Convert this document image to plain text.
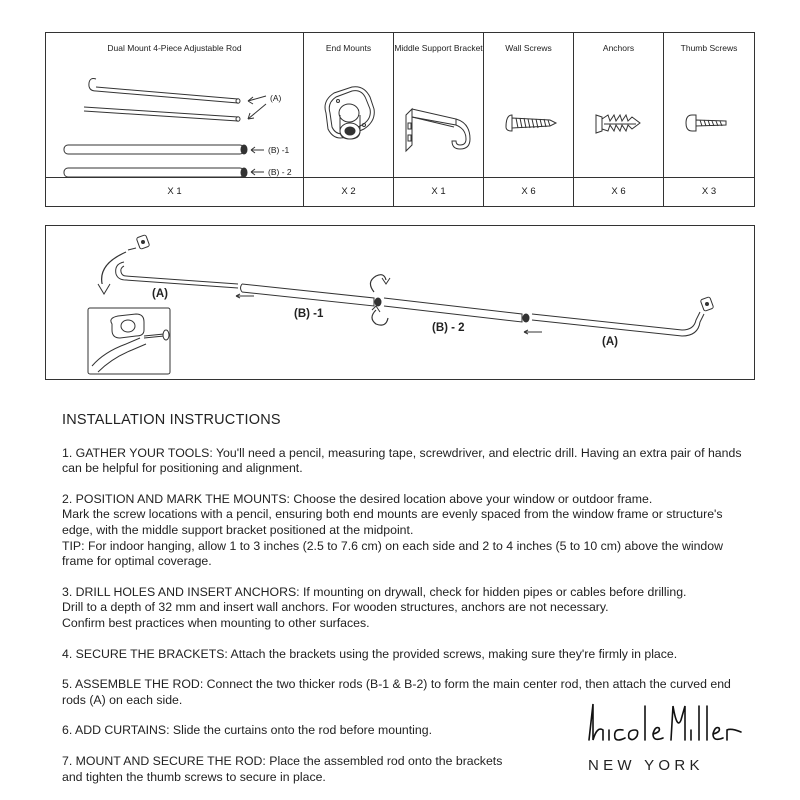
Dual Mount 4-Piece Adjustable Rod
(A)
(B) -1
(B) - 2
X 1
End Mounts
X 2
Middle Support Bracket
X 1
Wall Screws
X 6
Anchors
X 6
Thumb Screws
X 3
(A)
(B) -1
(B) - 2
(A)
INSTALLATION INSTRUCTIONS

1. GATHER YOUR TOOLS: You'll need a pencil, measuring tape, screwdriver, and electric drill. Having an extra pair of hands can be helpful for positioning and alignment.

2. POSITION AND MARK THE MOUNTS: Choose the desired location above your window or outdoor frame.

Mark the screw locations with a pencil, ensuring both end mounts are evenly spaced from the window frame or structure's edge, with the middle support bracket positioned at the midpoint.

TIP: For indoor hanging, allow 1 to 3 inches (2.5 to 7.6 cm) on each side and 2 to 4 inches (5 to 10 cm) above the window frame for optimal coverage.

3. DRILL HOLES AND INSERT ANCHORS: If mounting on drywall, check for hidden pipes or cables before drilling.

Drill to a depth of 32 mm and insert wall anchors. For wooden structures, anchors are not necessary.

Confirm best practices when mounting to other surfaces.

4. SECURE THE BRACKETS: Attach the brackets using the provided screws, making sure they're firmly in place.

5. ASSEMBLE THE ROD: Connect the two thicker rods (B-1 & B-2) to form the main center rod, then attach the curved end rods (A) on each side.

6. ADD CURTAINS: Slide the curtains onto the rod before mounting.

7. MOUNT AND SECURE THE ROD: Place the assembled rod onto the brackets

and tighten the thumb screws to secure in place.

NEW YORK
